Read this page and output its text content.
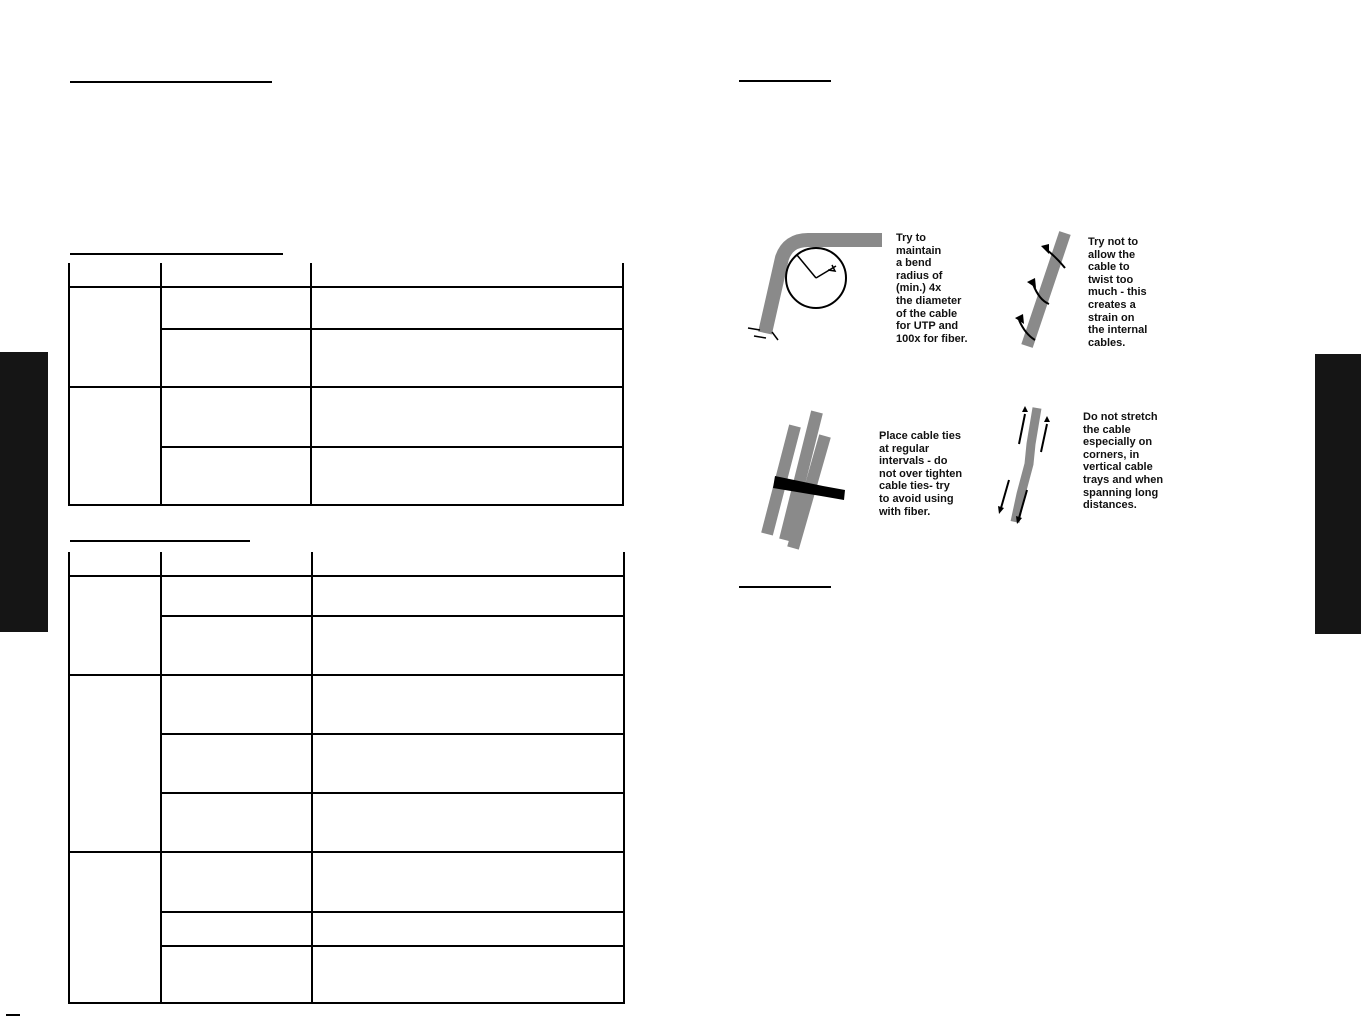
Try to
maintain
a bend
radius of
(min.) 4x
the diameter
of the cable
for UTP and
100x for fiber.
Try not to
allow the
cable to
twist too
much - this
creates a
strain on
the internal
cables.
Place cable ties
at regular
intervals - do
not over tighten
cable ties- try
to avoid using
with fiber.
Do not stretch
the cable
especially on
corners, in
vertical cable
trays and when
spanning long
distances.
